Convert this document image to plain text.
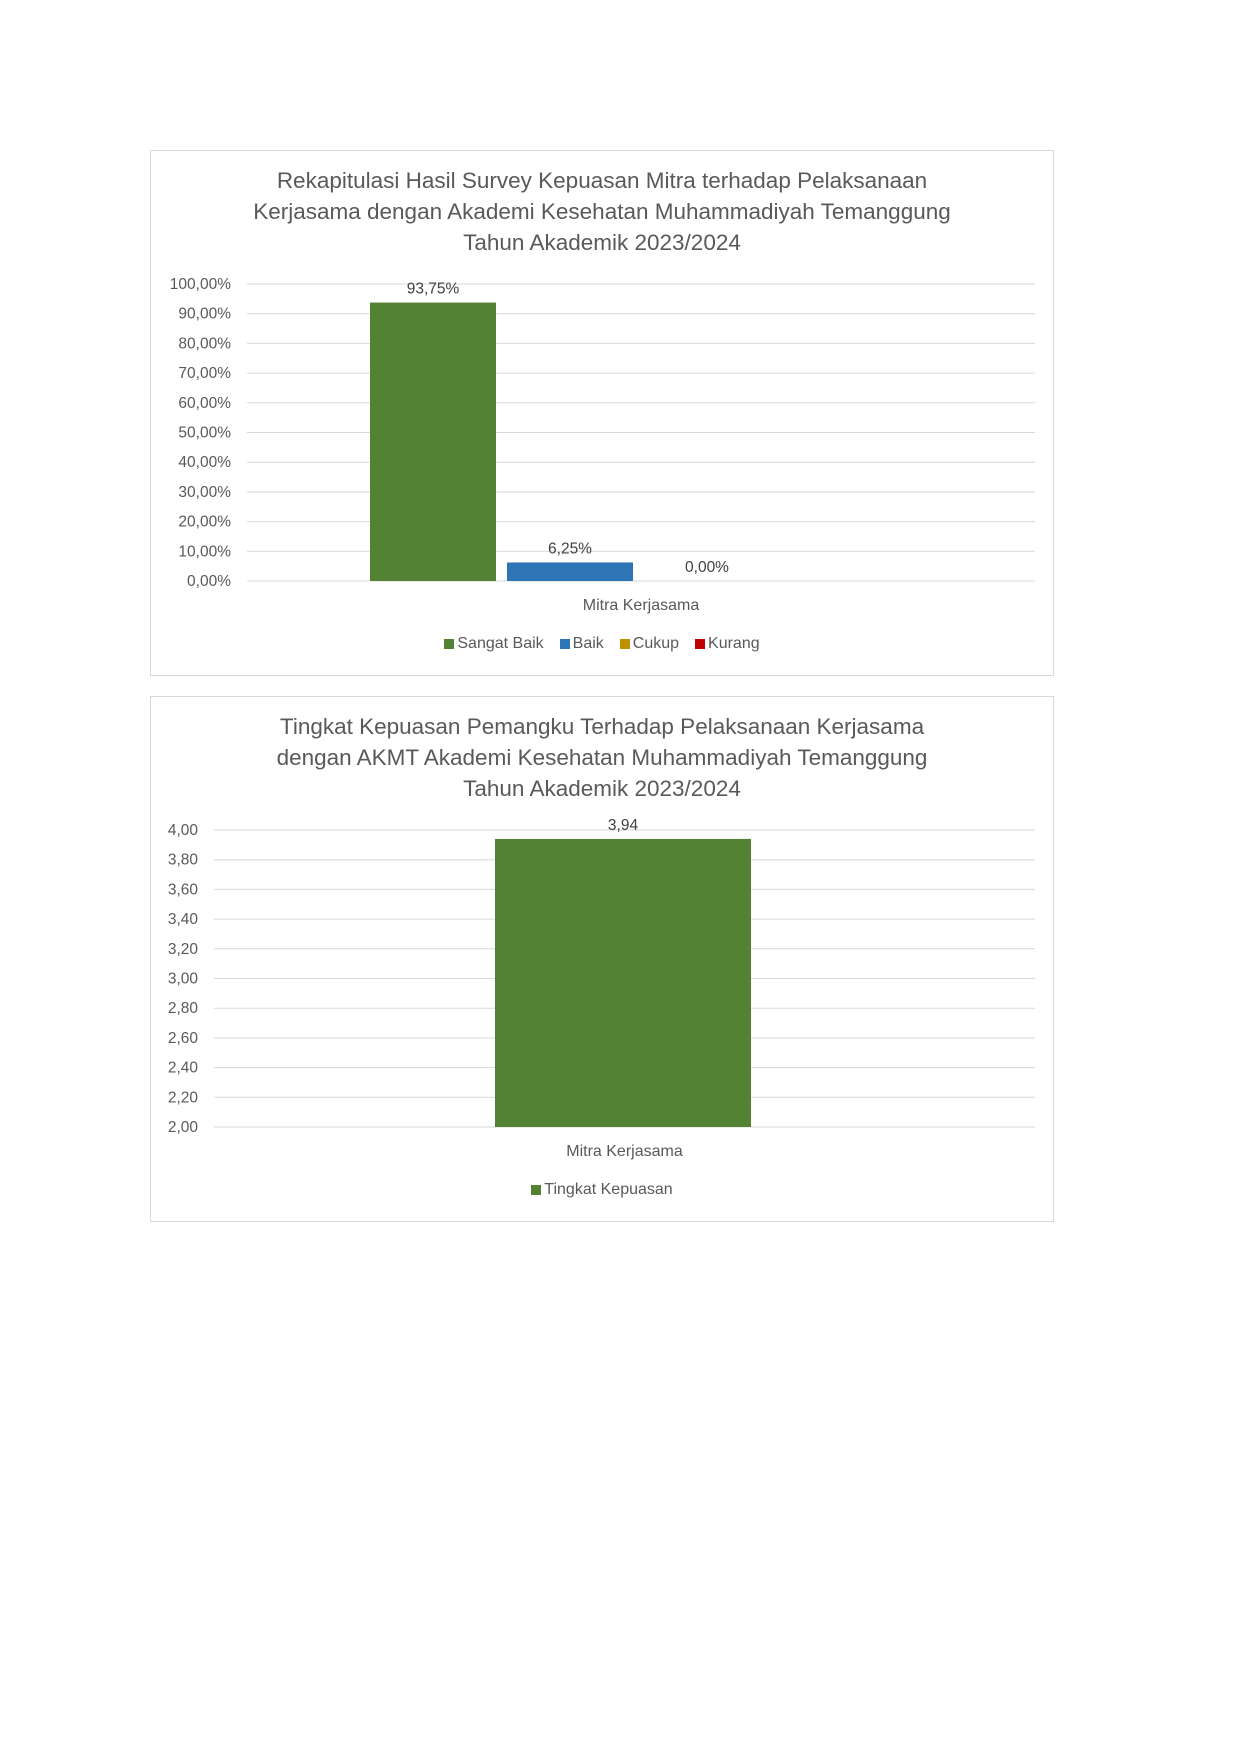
Rekapitulasi Hasil Survey Kepuasan Mitra terhadap Pelaksanaan
Kerjasama dengan Akademi Kesehatan Muhammadiyah Temanggung
Tahun Akademik 2023/2024
0,00%
10,00%
20,00%
30,00%
40,00%
50,00%
60,00%
70,00%
80,00%
90,00%
100,00%	93,75%
6,25%
0,00%
Mitra Kerjasama
Sangat Baik Baik Cukup Kurang
Tingkat Kepuasan Pemangku Terhadap Pelaksanaan Kerjasama
dengan AKMT Akademi Kesehatan Muhammadiyah Temanggung
Tahun Akademik 2023/2024
2,00
2,20
2,40
2,60
2,80
3,00
3,20
3,40
3,60
3,80
4,00	3,94
Mitra Kerjasama
Tingkat Kepuasan
